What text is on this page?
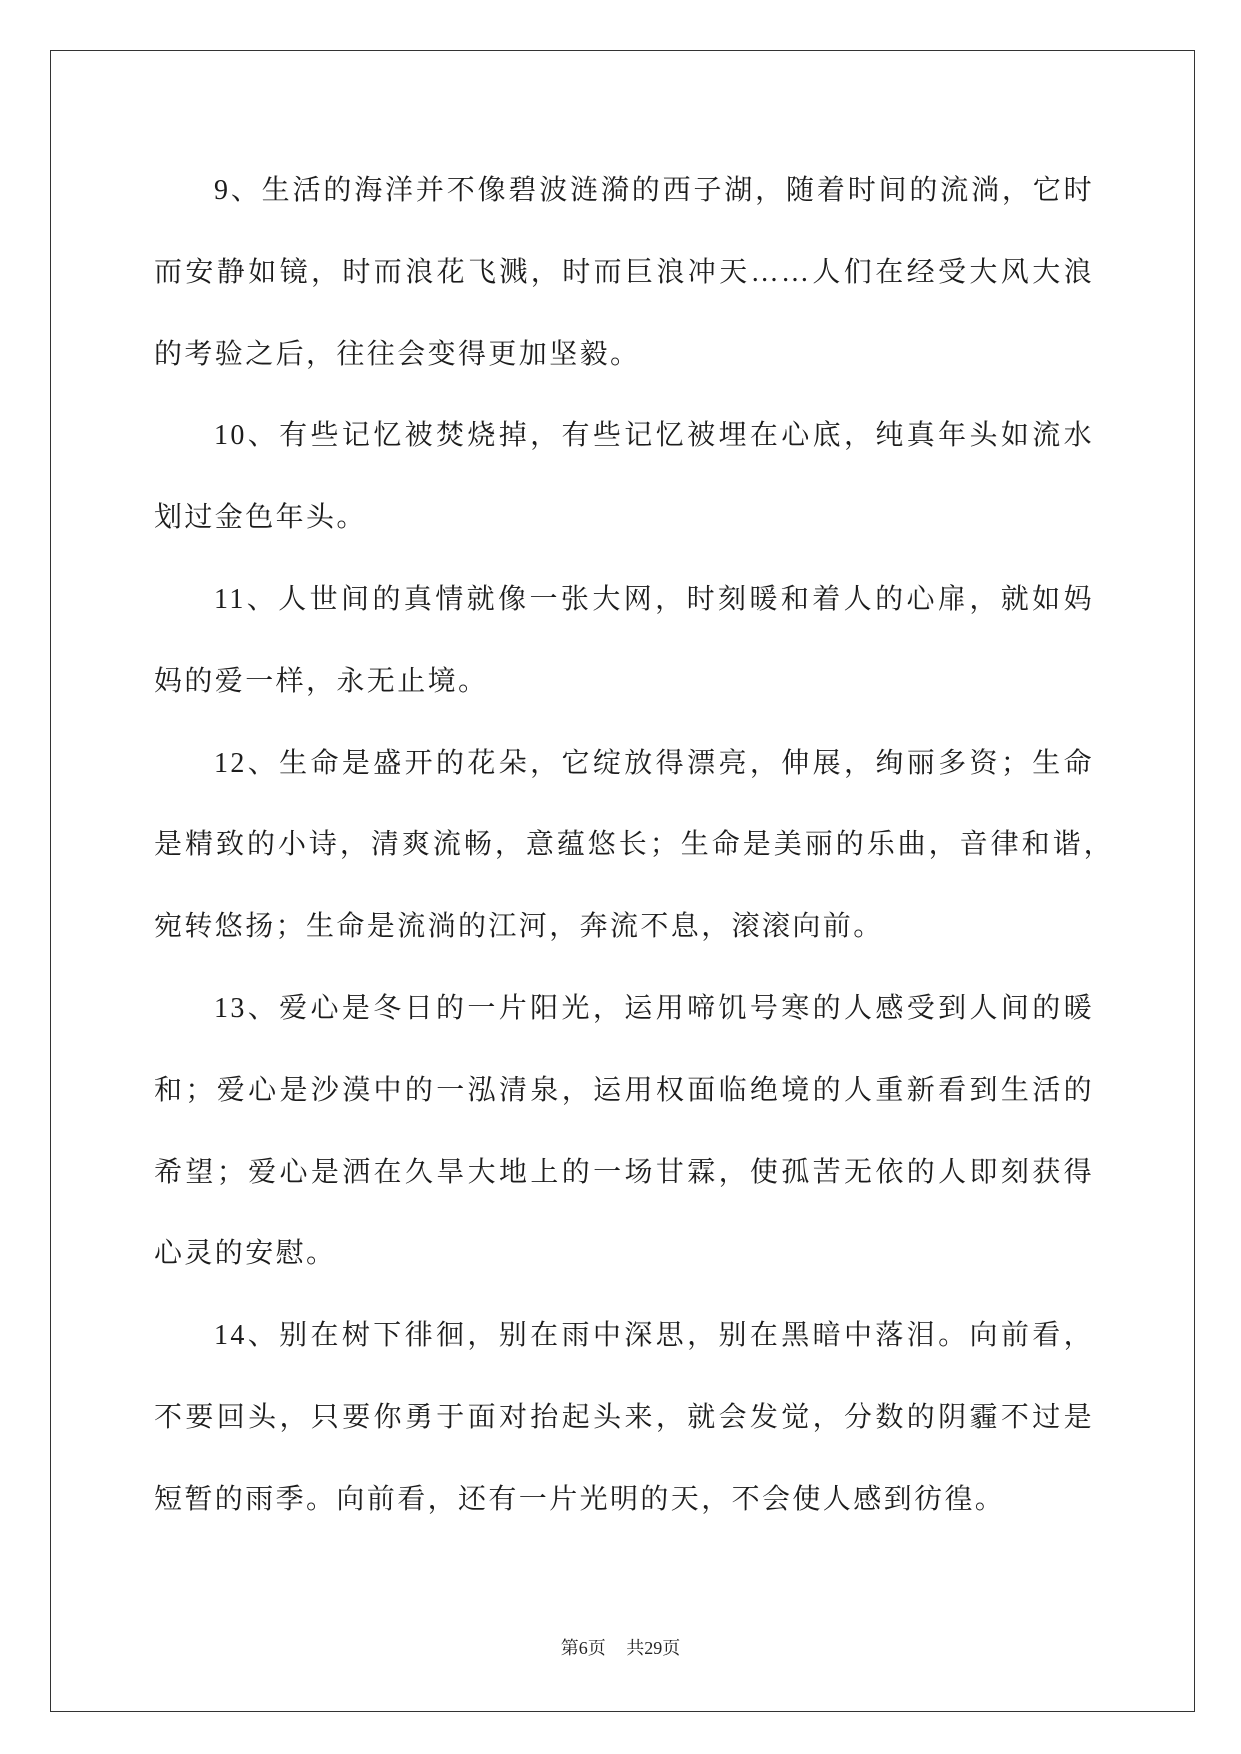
9、生活的海洋并不像碧波涟漪的西子湖，随着时间的流淌，它时
而安静如镜，时而浪花飞溅，时而巨浪冲天……人们在经受大风大浪
的考验之后，往往会变得更加坚毅。
10、有些记忆被焚烧掉，有些记忆被埋在心底，纯真年头如流水
划过金色年头。
11、人世间的真情就像一张大网，时刻暖和着人的心扉，就如妈
妈的爱一样，永无止境。
12、生命是盛开的花朵，它绽放得漂亮，伸展，绚丽多资；生命
是精致的小诗，清爽流畅，意蕴悠长；生命是美丽的乐曲，音律和谐，
宛转悠扬；生命是流淌的江河，奔流不息，滚滚向前。
13、爱心是冬日的一片阳光，运用啼饥号寒的人感受到人间的暖
和；爱心是沙漠中的一泓清泉，运用权面临绝境的人重新看到生活的
希望；爱心是洒在久旱大地上的一场甘霖，使孤苦无依的人即刻获得
心灵的安慰。
14、别在树下徘徊，别在雨中深思，别在黑暗中落泪。向前看，
不要回头，只要你勇于面对抬起头来，就会发觉，分数的阴霾不过是
短暂的雨季。向前看，还有一片光明的天，不会使人感到彷徨。
第6页 共29页
